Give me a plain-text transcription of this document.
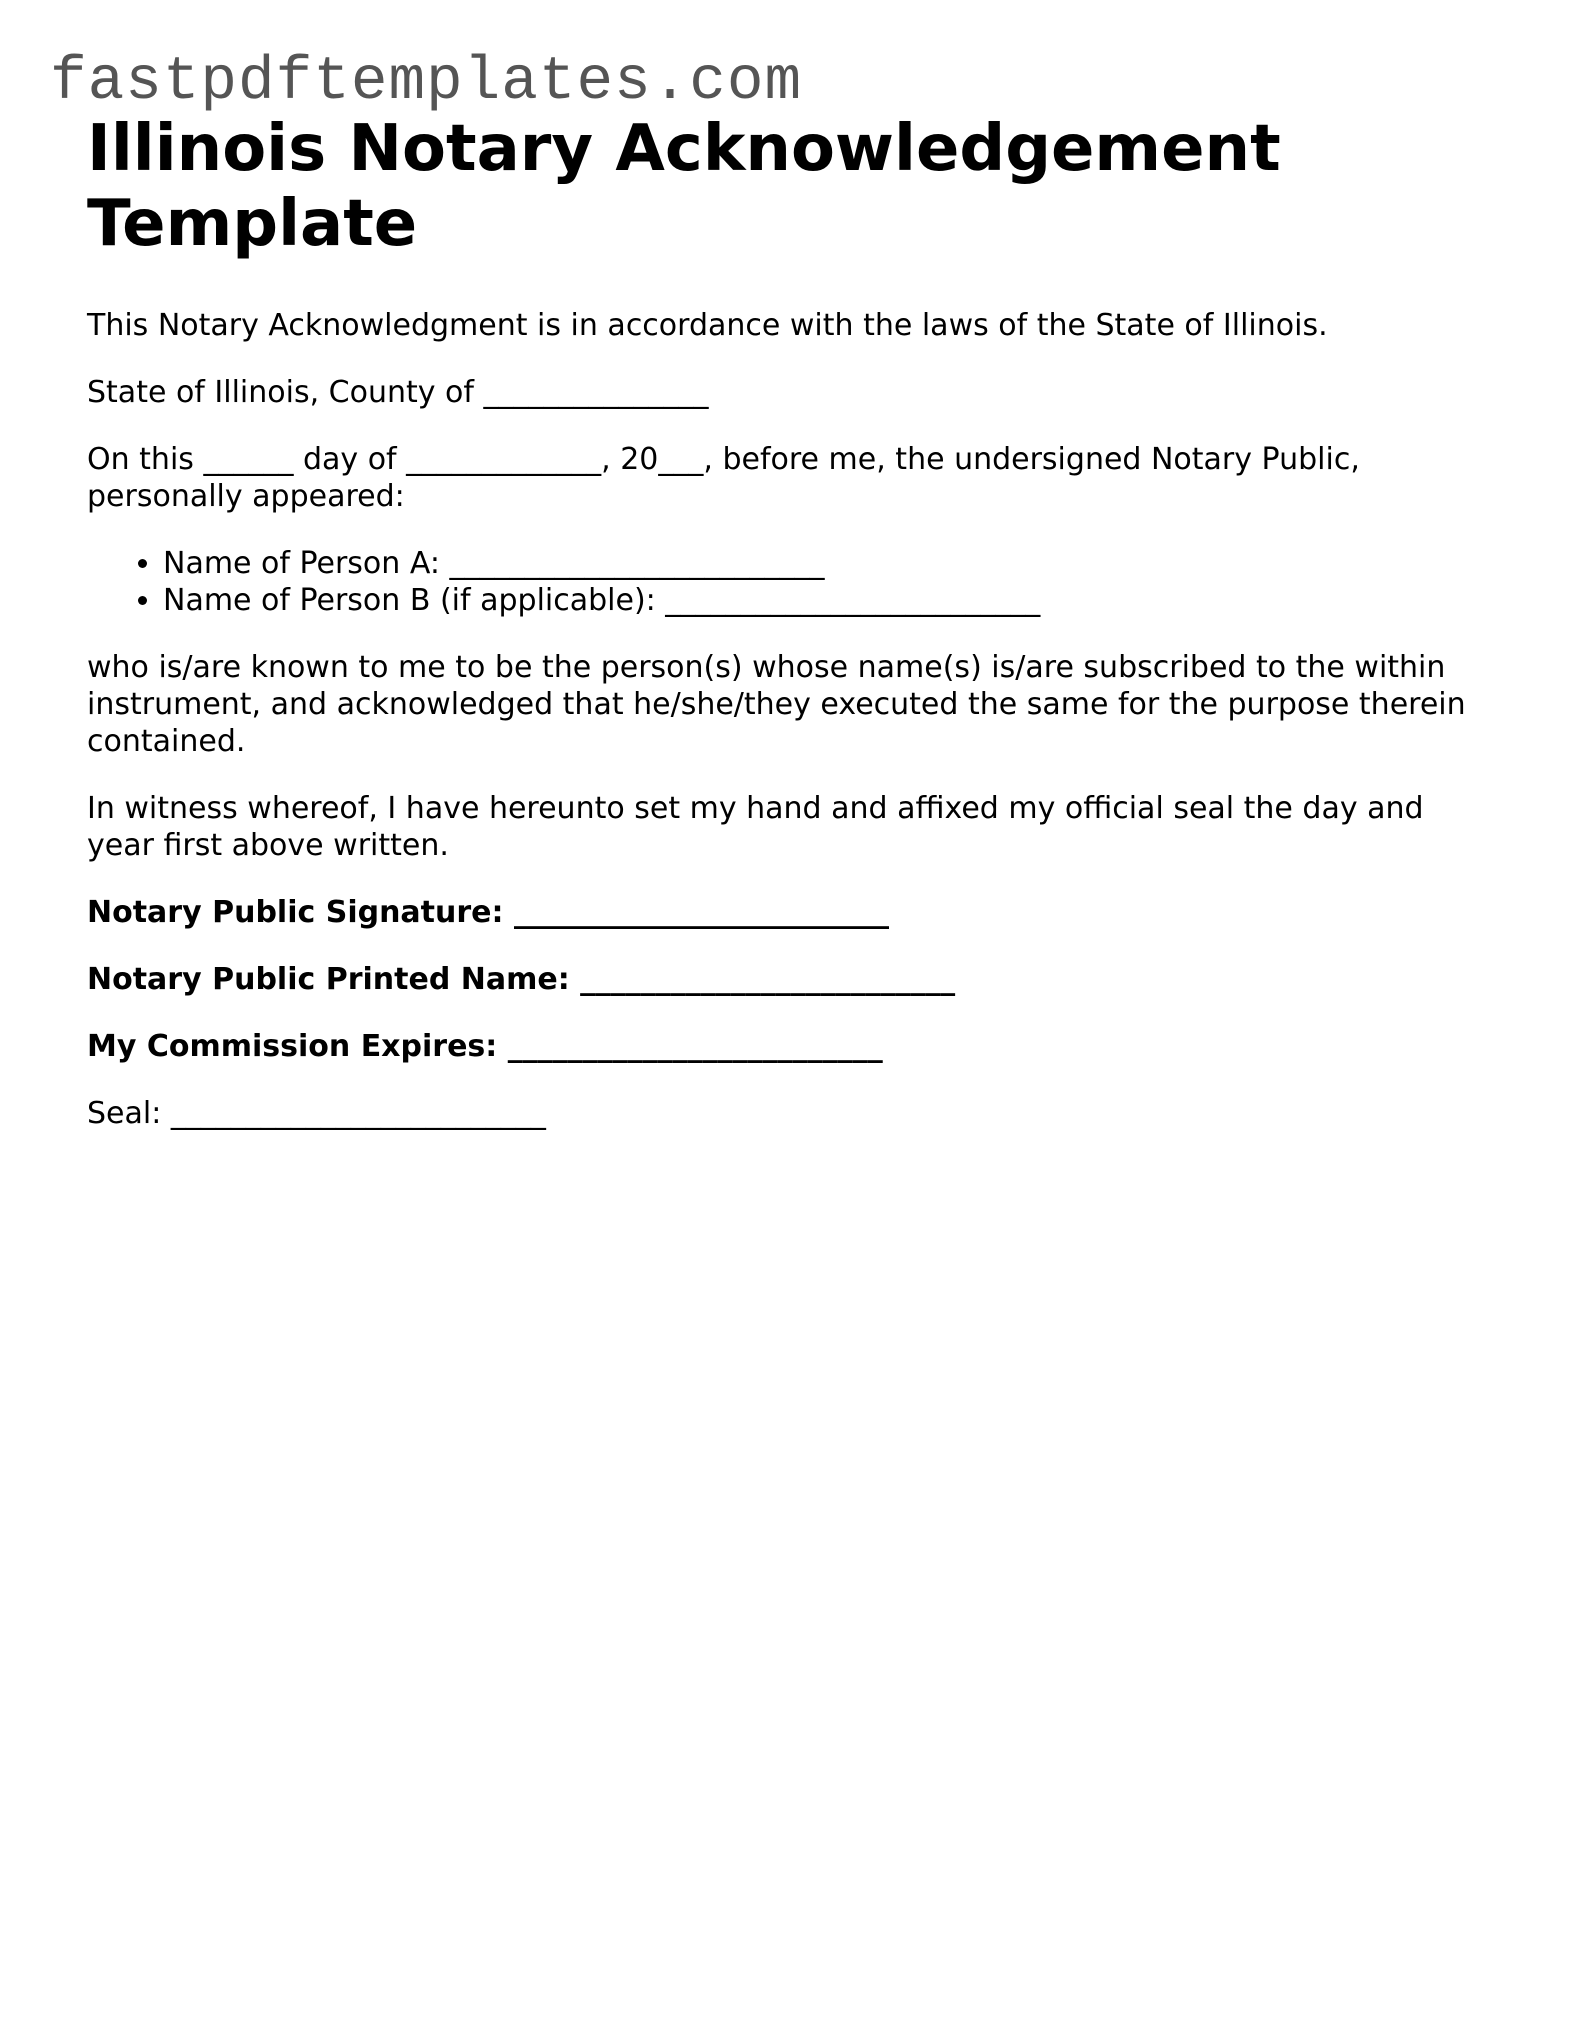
fastpdftemplates.com
Illinois Notary Acknowledgement Template

This Notary Acknowledgment is in accordance with the laws of the State of Illinois.

State of Illinois, County of _______________

On this ______ day of _____________, 20___, before me, the undersigned Notary Public, personally appeared:

• Name of Person A: _________________________
• Name of Person B (if applicable): _________________________

who is/are known to me to be the person(s) whose name(s) is/are subscribed to the within instrument, and acknowledged that he/she/they executed the same for the purpose therein contained.

In witness whereof, I have hereunto set my hand and affixed my official seal the day and year first above written.

Notary Public Signature: _________________________

Notary Public Printed Name: _________________________

My Commission Expires: _________________________

Seal: _________________________
